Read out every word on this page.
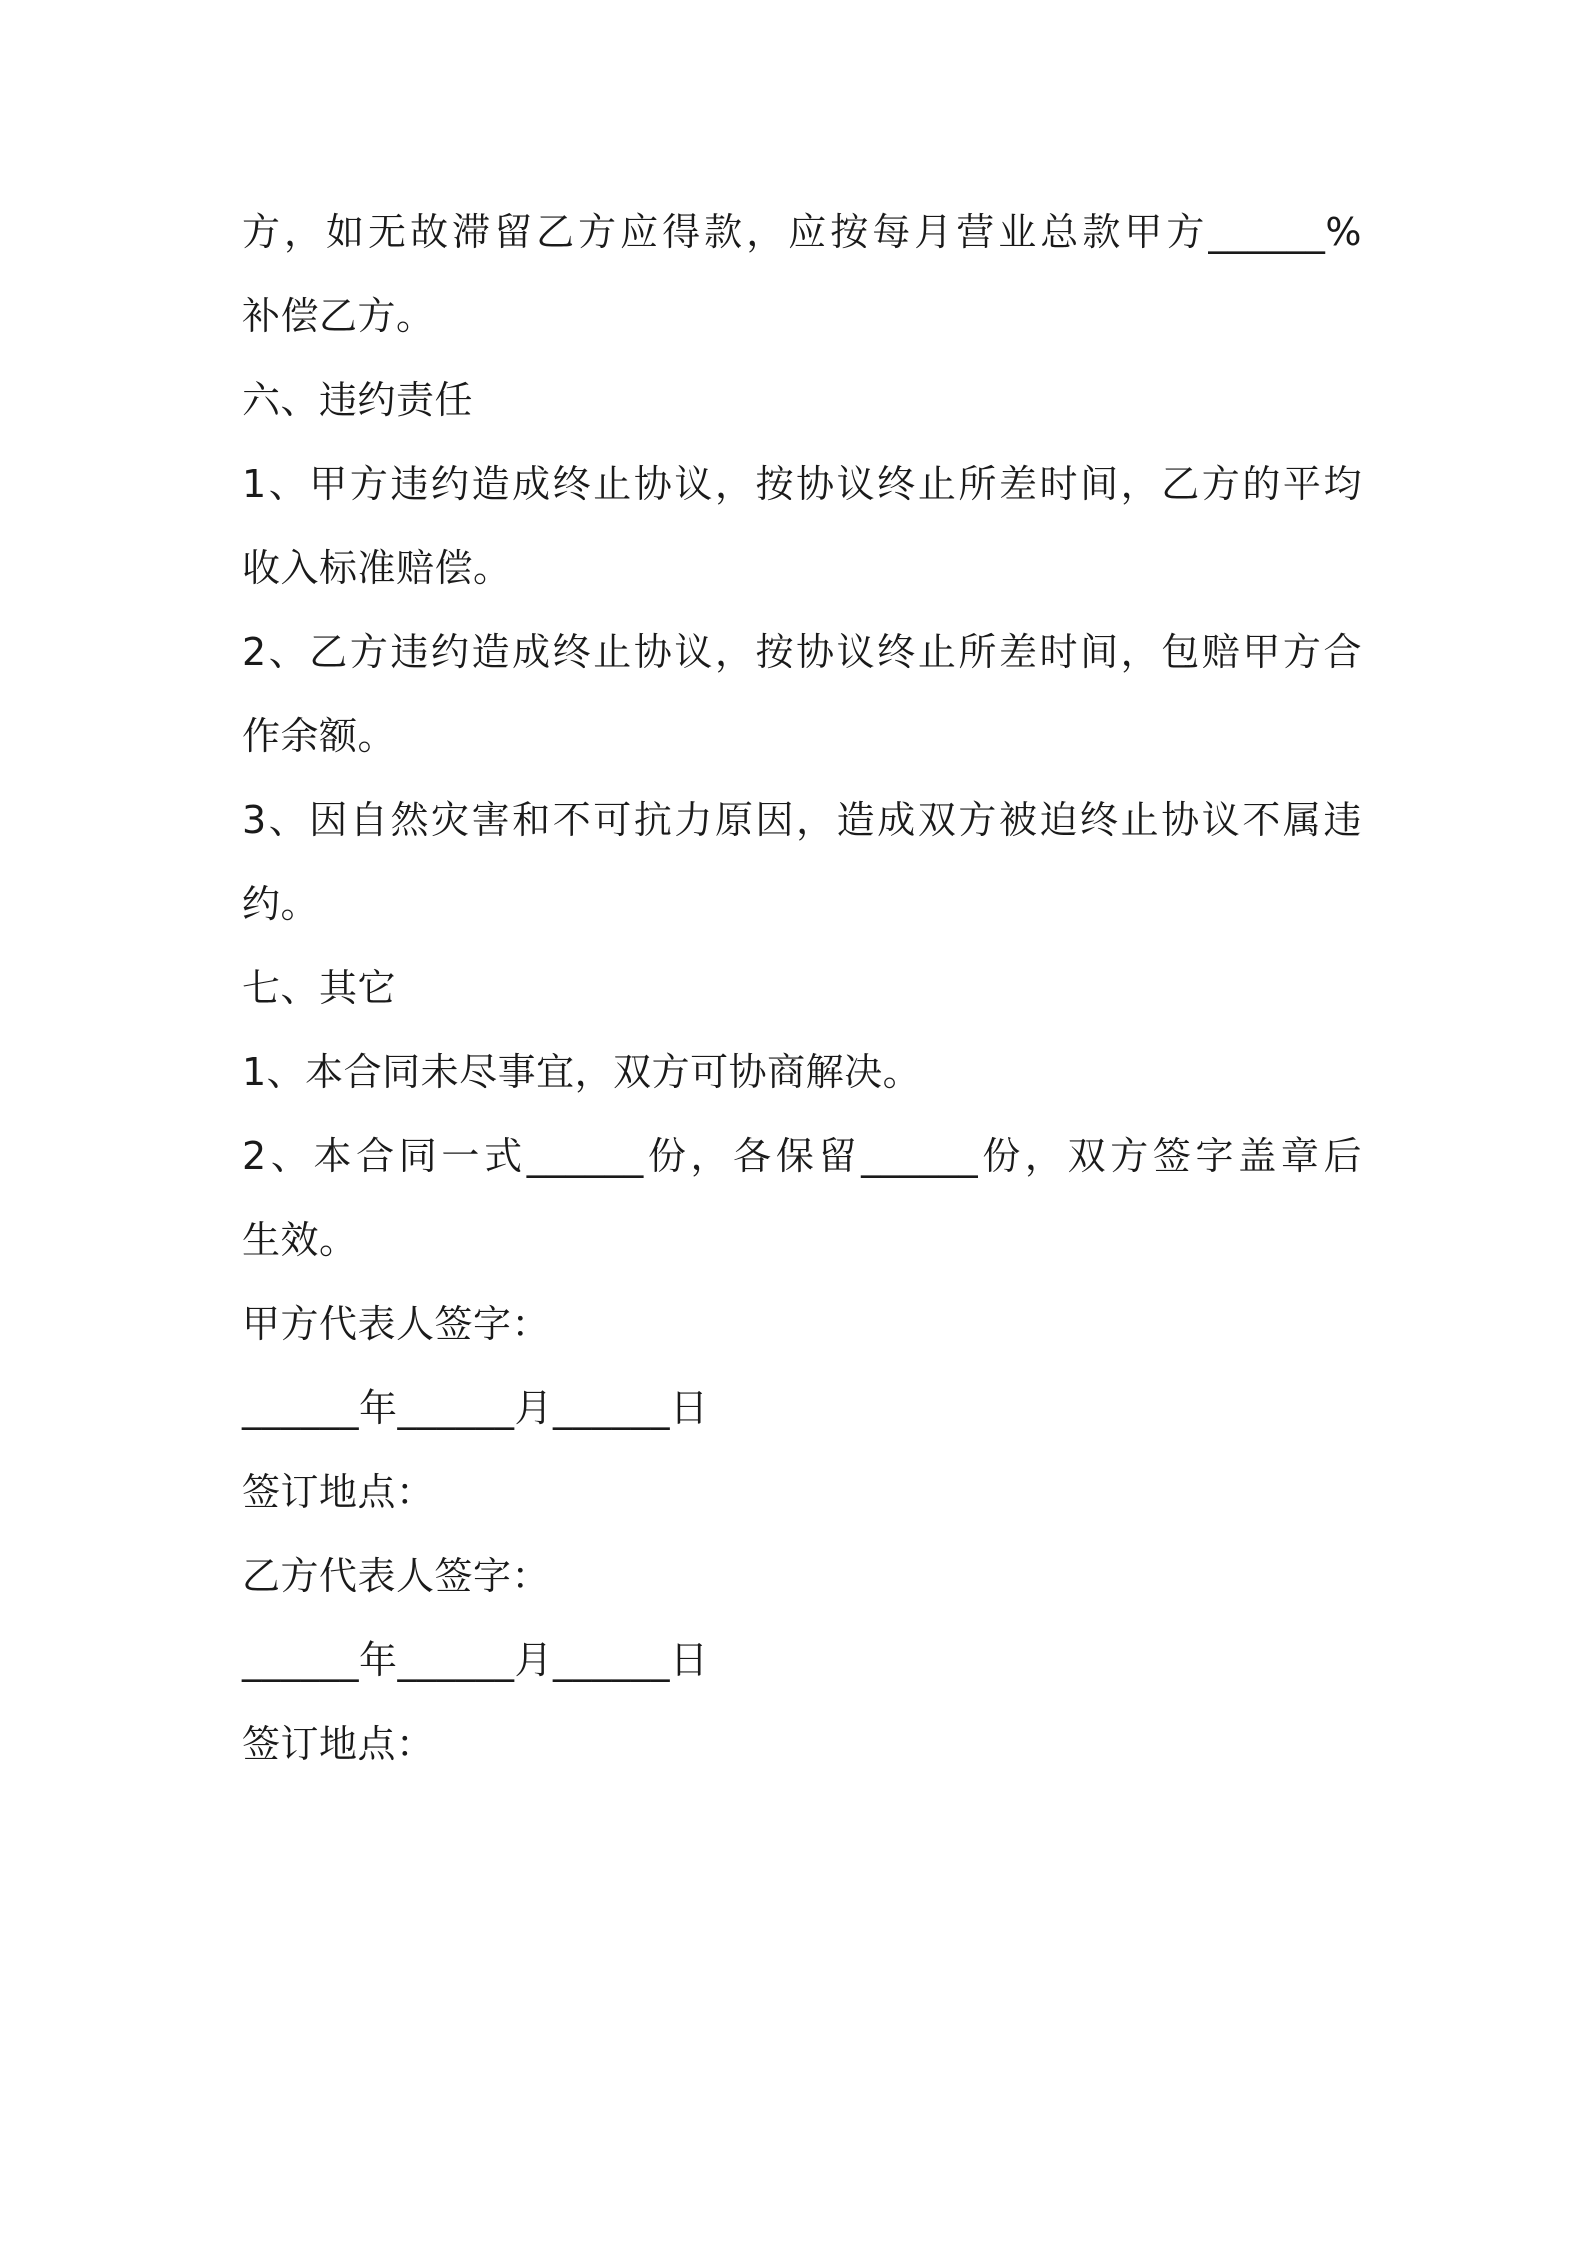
方，如无故滞留乙方应得款，应按每月营业总款甲方______%
补偿乙方。
六、违约责任
1、甲方违约造成终止协议，按协议终止所差时间，乙方的平均
收入标准赔偿。
2、乙方违约造成终止协议，按协议终止所差时间，包赔甲方合
作余额。
3、因自然灾害和不可抗力原因，造成双方被迫终止协议不属违
约。
七、其它
1、本合同未尽事宜，双方可协商解决。
2、本合同一式______份，各保留______份，双方签字盖章后
生效。
甲方代表人签字：
______年______月______日
签订地点：
乙方代表人签字：
______年______月______日
签订地点：
